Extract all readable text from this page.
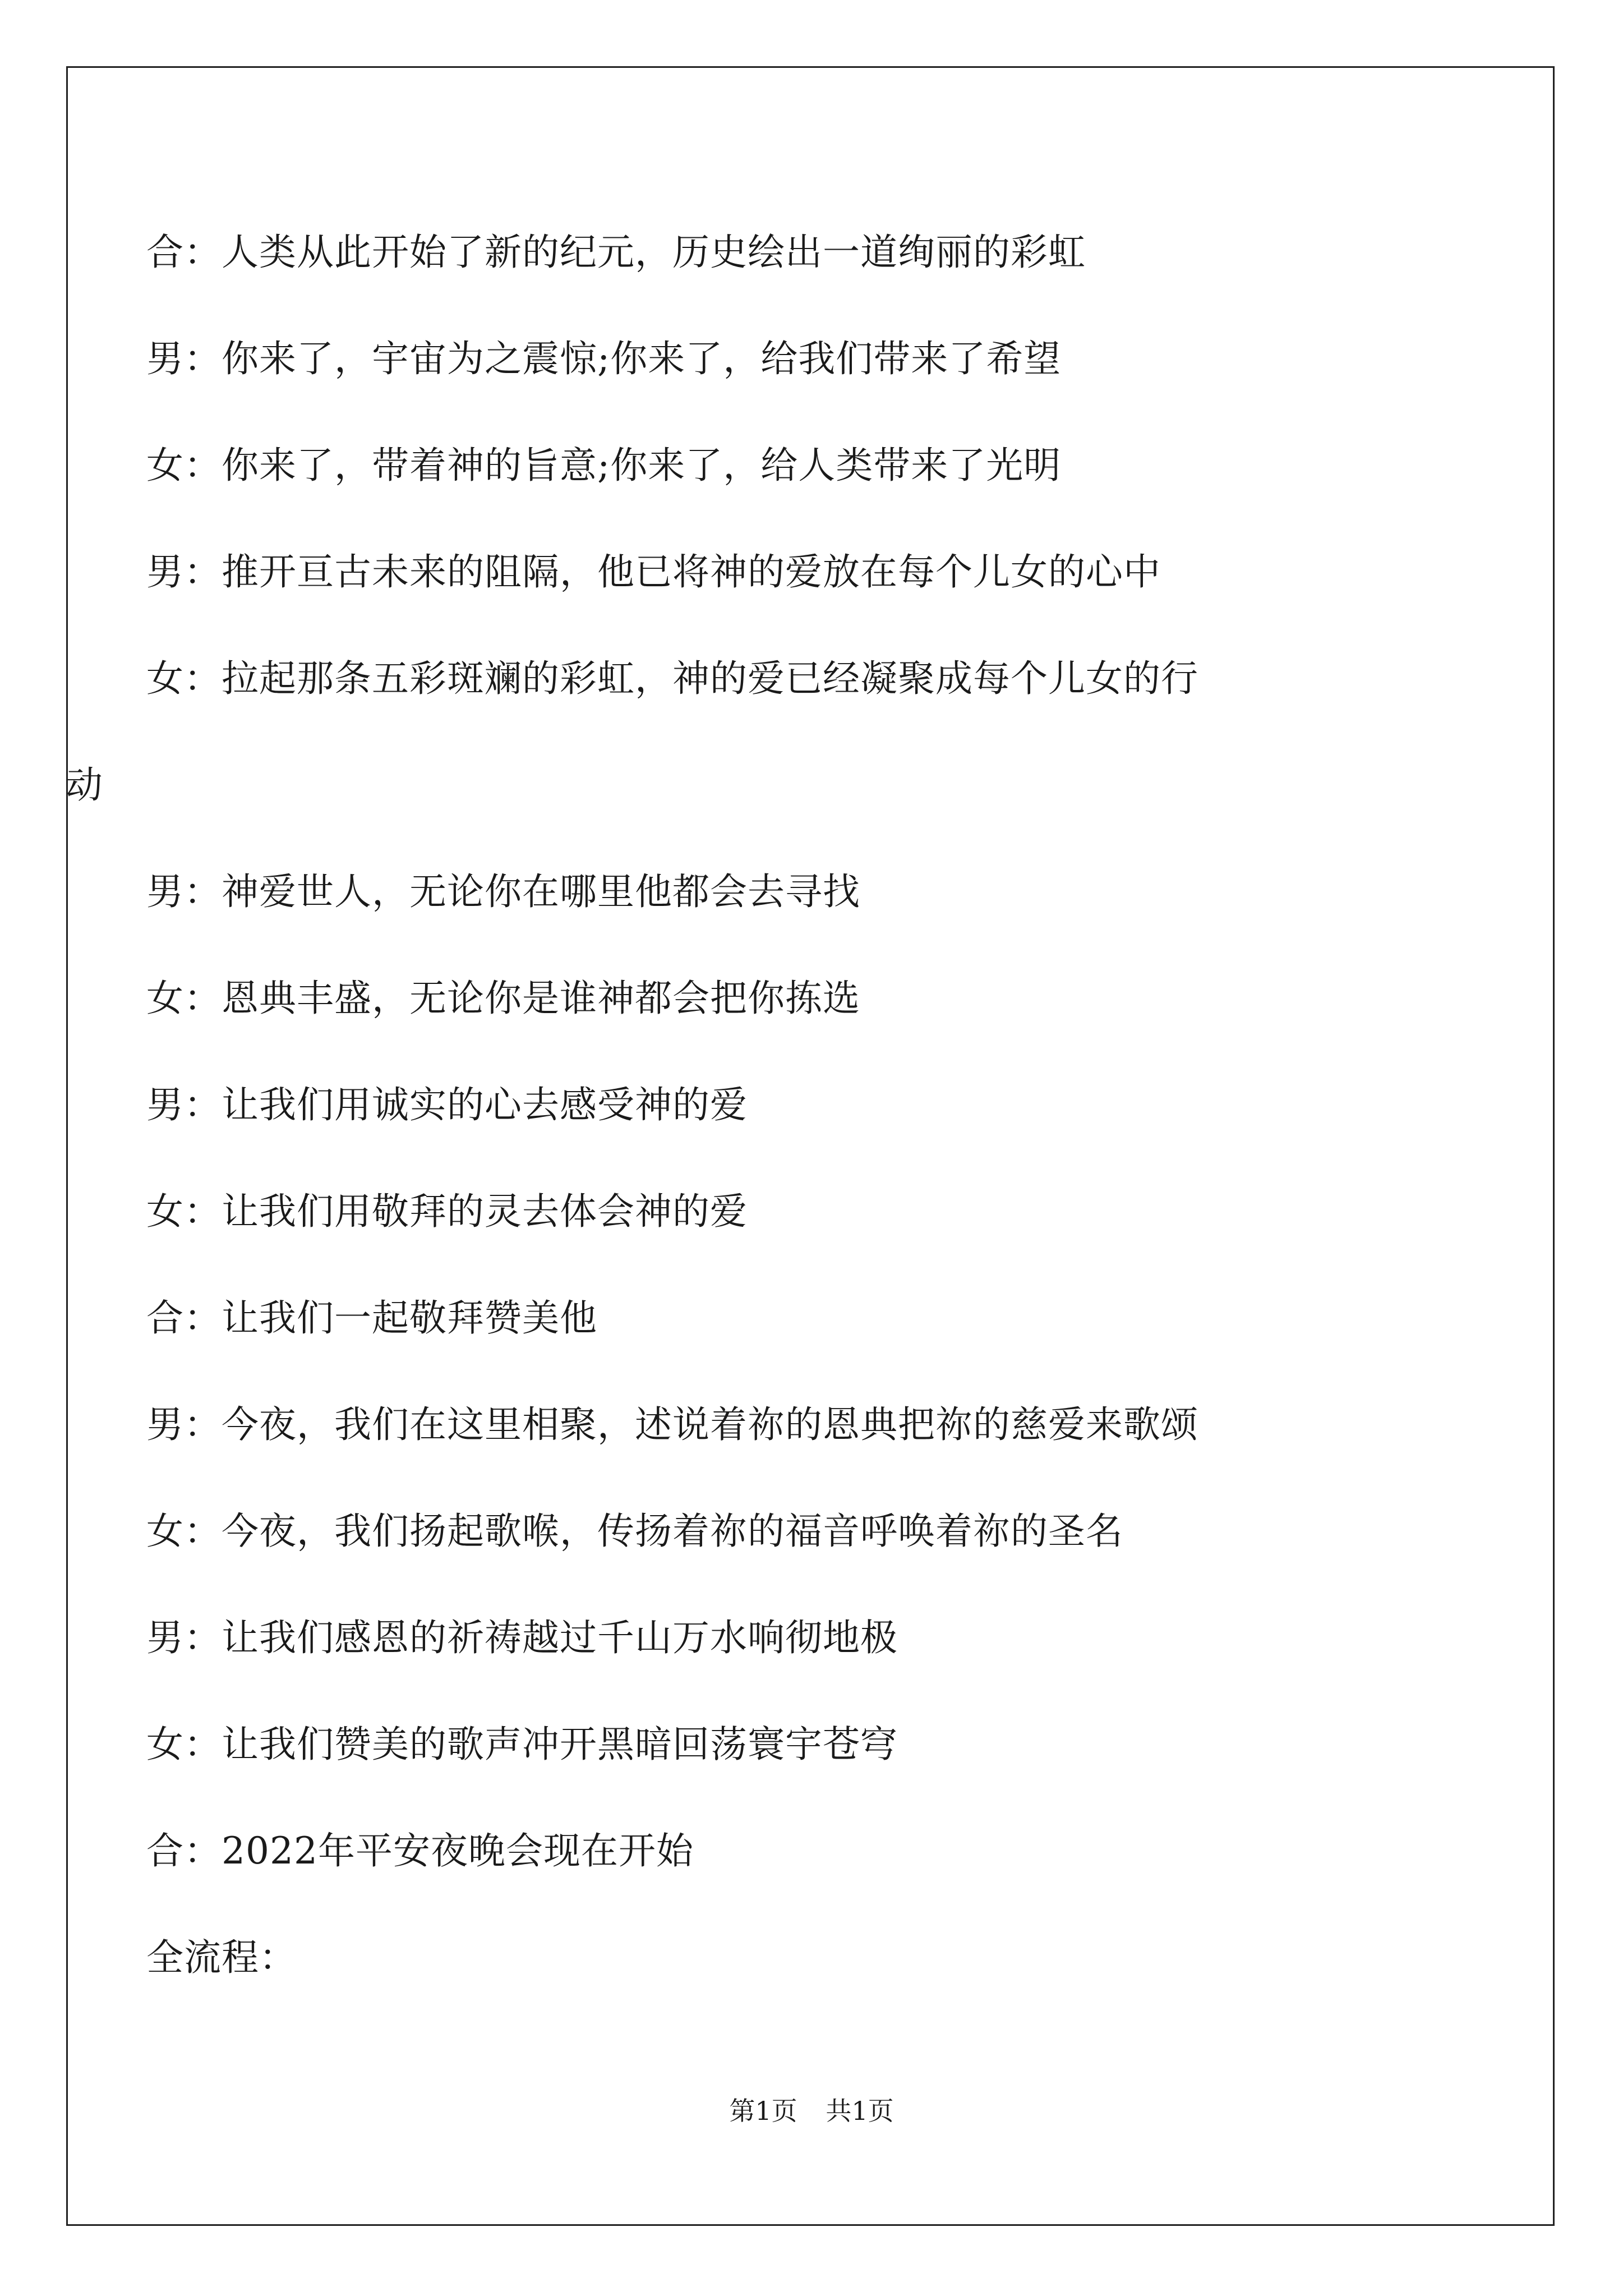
合：人类从此开始了新的纪元，历史绘出一道绚丽的彩虹
男：你来了，宇宙为之震惊;你来了，给我们带来了希望
女：你来了，带着神的旨意;你来了，给人类带来了光明
男：推开亘古未来的阻隔，他已将神的爱放在每个儿女的心中
女：拉起那条五彩斑斓的彩虹，神的爱已经凝聚成每个儿女的行
动
男：神爱世人，无论你在哪里他都会去寻找
女：恩典丰盛，无论你是谁神都会把你拣选
男：让我们用诚实的心去感受神的爱
女：让我们用敬拜的灵去体会神的爱
合：让我们一起敬拜赞美他
男：今夜，我们在这里相聚，述说着祢的恩典把祢的慈爱来歌颂
女：今夜，我们扬起歌喉，传扬着祢的福音呼唤着祢的圣名
男：让我们感恩的祈祷越过千山万水响彻地极
女：让我们赞美的歌声冲开黑暗回荡寰宇苍穹
合：2022年平安夜晚会现在开始
全流程：
第1页 共1页
